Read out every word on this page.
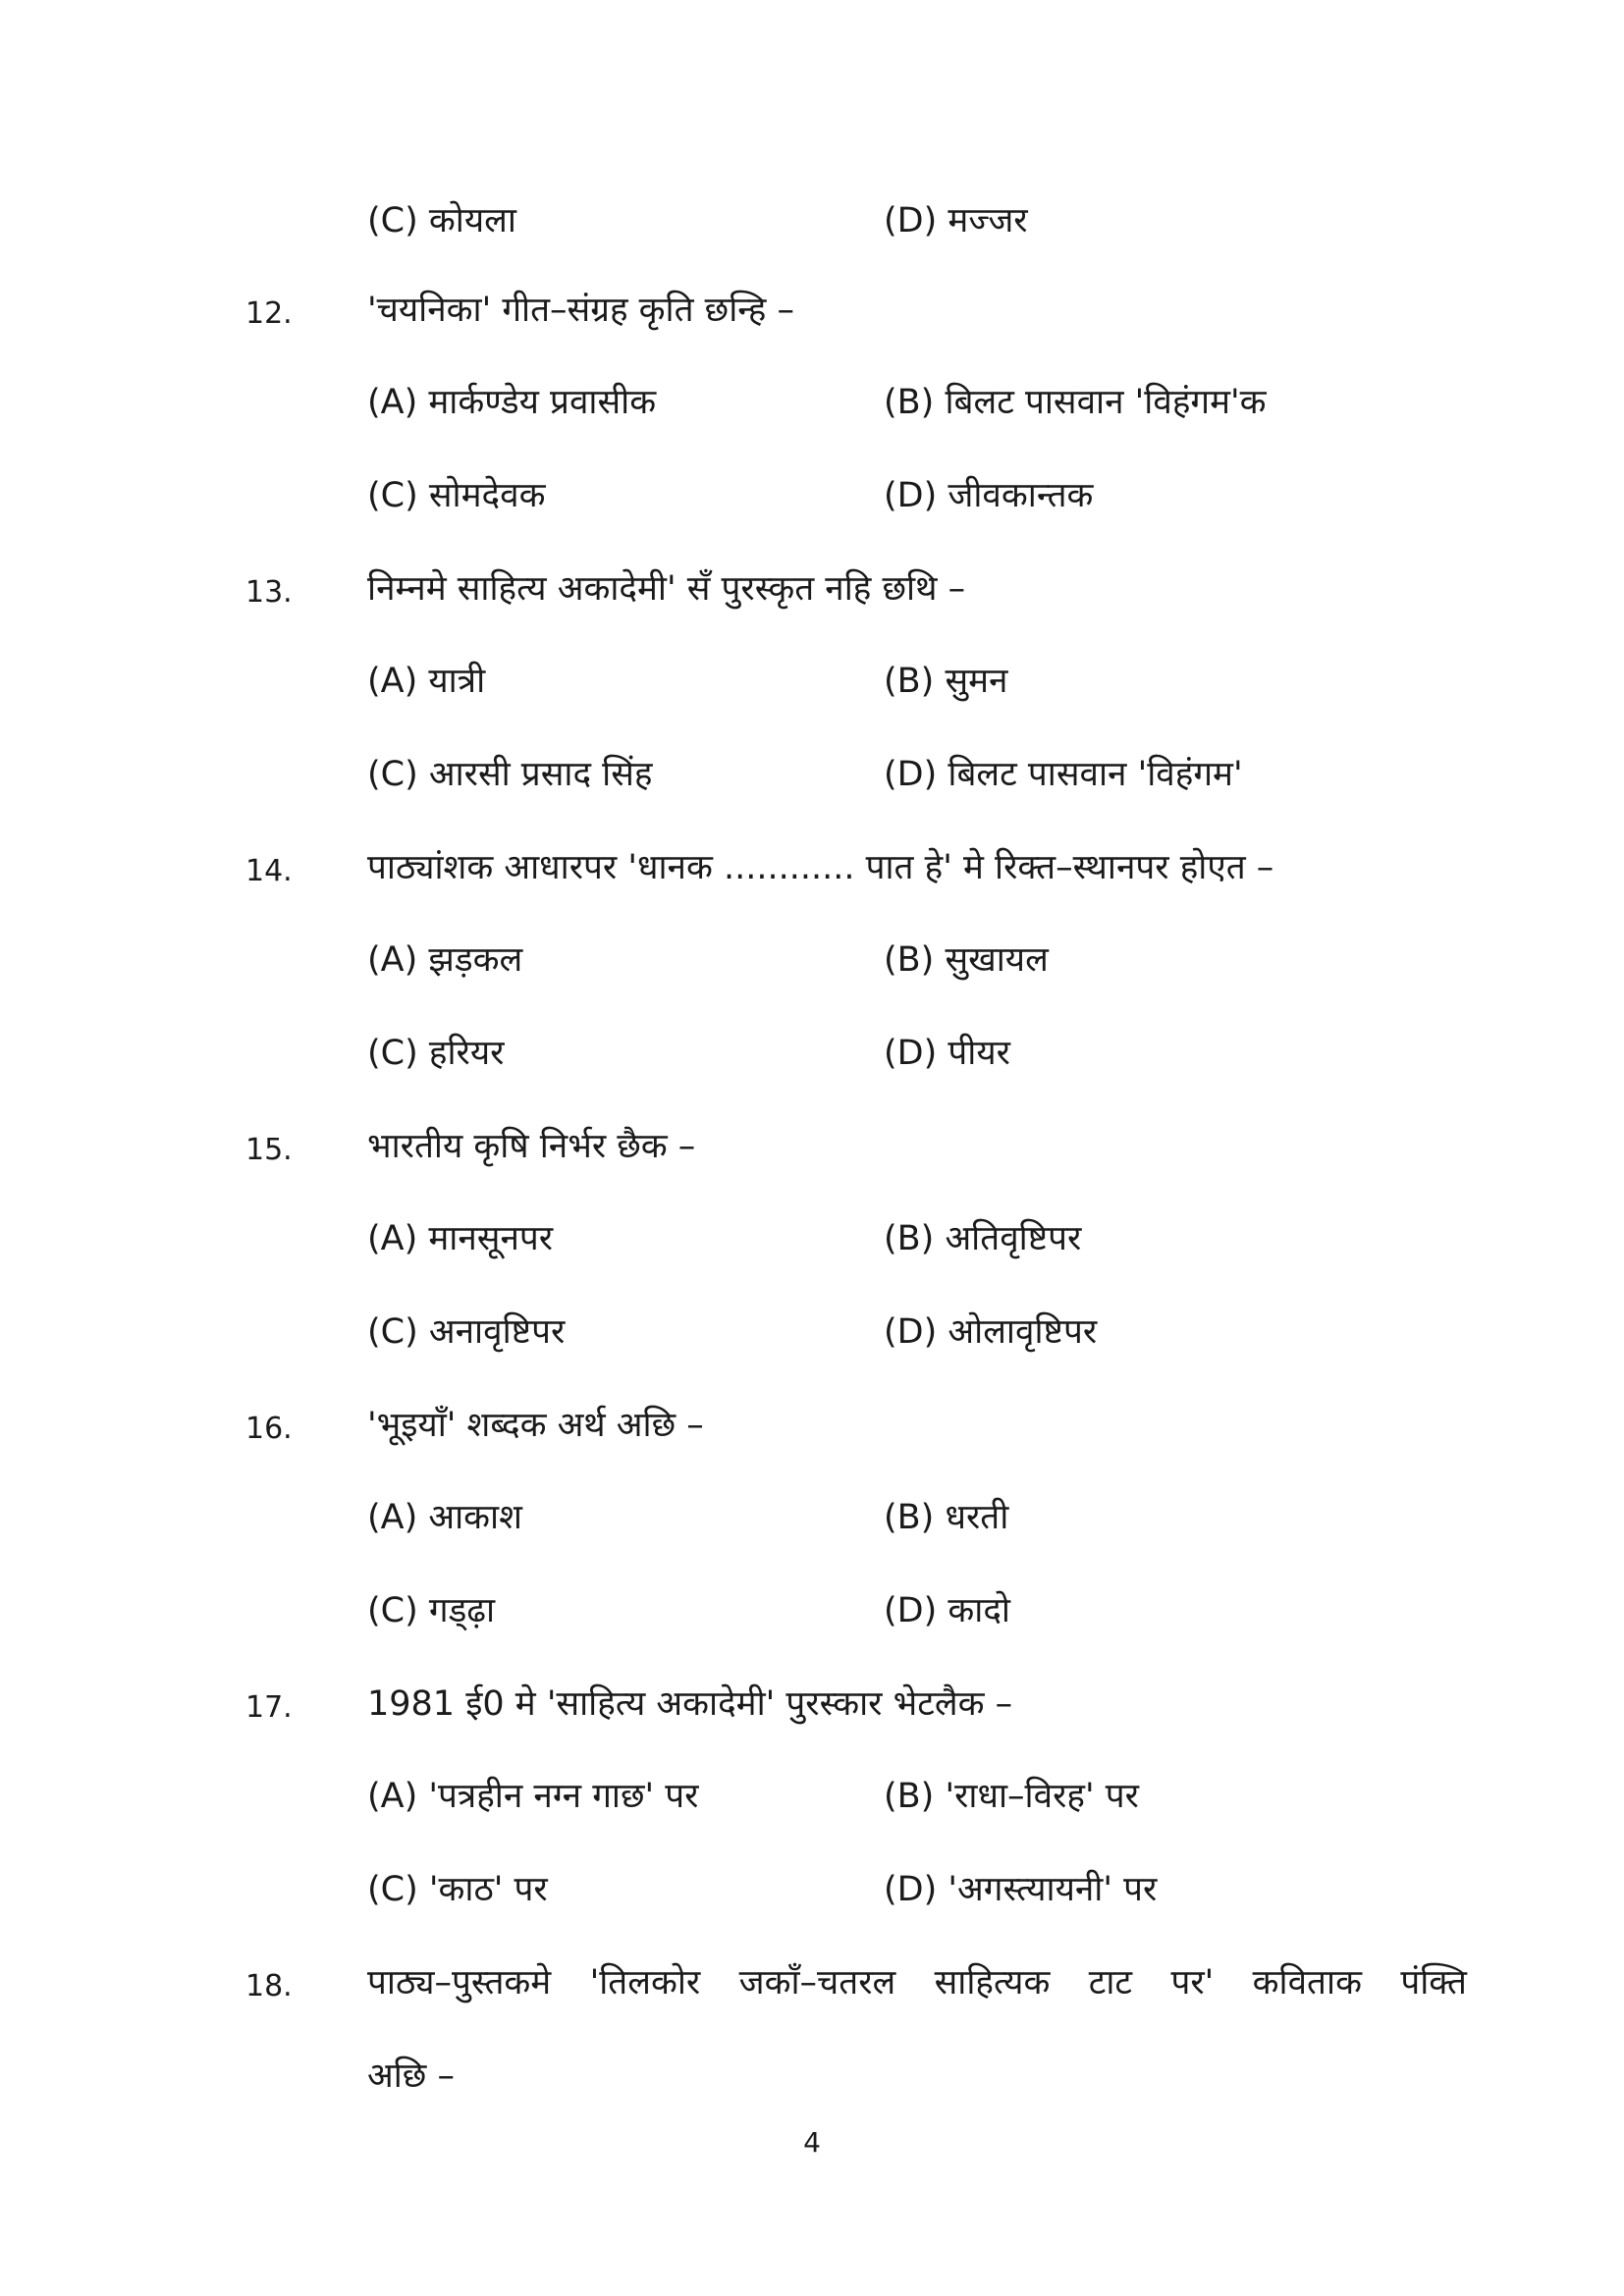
(C) कोयला	(D) मज्जर
12. 'चयनिका' गीत–संग्रह कृति छन्हि –
(A) मार्कण्डेय प्रवासीक	(B) बिलट पासवान 'विहंगम'क
(C) सोमदेवक	(D) जीवकान्तक
13. निम्नमे साहित्य अकादेमी' सँ पुरस्कृत नहि छथि –
(A) यात्री	(B) सुमन
(C) आरसी प्रसाद सिंह	(D) बिलट पासवान 'विहंगम'
14. पाठ्यांशक आधारपर 'धानक ............ पात हे' मे रिक्त–स्थानपर होएत –
(A) झड़कल	(B) सुखायल
(C) हरियर	(D) पीयर
15. भारतीय कृषि निर्भर छैक –
(A) मानसूनपर	(B) अतिवृष्टिपर
(C) अनावृष्टिपर	(D) ओलावृष्टिपर
16. 'भूइयाँ' शब्दक अर्थ अछि –
(A) आकाश	(B) धरती
(C) गड्ढ़ा	(D) कादो
17. 1981 ई0 मे 'साहित्य अकादेमी' पुरस्कार भेटलैक –
(A) 'पत्रहीन नग्न गाछ' पर	(B) 'राधा–विरह' पर
(C) 'काठ' पर	(D) 'अगस्त्यायनी' पर
18. पाठ्य–पुस्तकमे 'तिलकोर जकाँ–चतरल साहित्यक टाट पर' कविताक पंक्ति
अछि –
4
